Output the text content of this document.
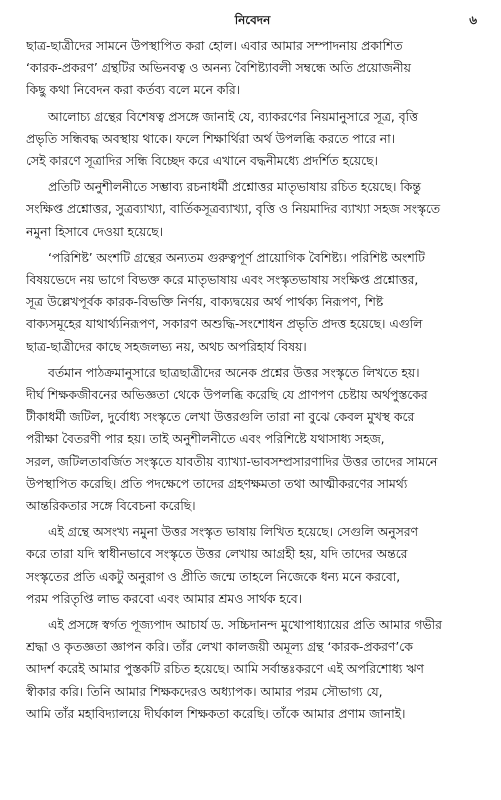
নিবেদন	৬
ছাত্র-ছাত্রীদের সামনে উপস্থাপিত করা হোল। এবার আমার সম্পাদনায় প্রকাশিত
‘কারক-প্রকরণ’ গ্রন্থটির অভিনবত্ব ও অনন্য বৈশিষ্ট্যাবলী সম্বন্ধে অতি প্রয়োজনীয়
কিছু কথা নিবেদন করা কর্তব্য বলে মনে করি।
আলোচ্য গ্রন্থের বিশেষত্ব প্রসঙ্গে জানাই যে, ব্যাকরণের নিয়মানুসারে সূত্র, বৃত্তি
প্রভৃতি সন্ধিবদ্ধ অবস্থায় থাকে। ফলে শিক্ষার্থিরা অর্থ উপলব্ধি করতে পারে না।
সেই কারণে সূত্রাদির সন্ধি বিচ্ছেদ করে এখানে বদ্ধনীমধ্যে প্রদর্শিত হয়েছে।
প্রতিটি অনুশীলনীতে সম্ভাব্য রচনাধর্মী প্রশ্নোত্তর মাতৃভাষায় রচিত হয়েছে। কিন্তু
সংক্ষিপ্ত প্রশ্নোত্তর, সুত্রব্যাখ্যা, বার্তিকসূত্রব্যাখ্যা, বৃত্তি ও নিয়মাদির ব্যাখ্যা সহজ সংস্কৃতে
নমুনা হিসাবে দেওয়া হয়েছে।
‘পরিশিষ্ট’ অংশটি গ্রন্থের অন্যতম গুরুত্বপূর্ণ প্রায়োগিক বৈশিষ্ট্য। পরিশিষ্ট অংশটি
বিষয়ভেদে নয় ভাগে বিভক্ত করে মাতৃভাষায় এবং সংস্কৃতভাষায় সংক্ষিপ্ত প্রশ্নোত্তর,
সূত্র উল্লেখপূর্বক কারক-বিভক্তি নির্ণয়, বাক্যদ্বয়ের অর্থ পার্থক্য নিরূপণ, শিষ্ট
বাক্যসমূহের যাথার্থ্যনিরূপণ, সকারণ অশুদ্ধি-সংশোধন প্রভৃতি প্রদত্ত হয়েছে। এগুলি
ছাত্র-ছাত্রীদের কাছে সহজলভ্য নয়, অথচ অপরিহার্য বিষয়।
বর্তমান পাঠক্রমানুসারে ছাত্রছাত্রীদের অনেক প্রশ্নের উত্তর সংস্কৃতে লিখতে হয়।
দীর্ঘ শিক্ষকজীবনের অভিজ্ঞতা থেকে উপলব্ধি করেছি যে প্রাণপণ চেষ্টায় অর্থপুস্তকের
টীকাধর্মী জটিল, দুর্বোধ্য সংস্কৃতে লেখা উত্তরগুলি তারা না বুঝে কেবল মুখস্থ করে
পরীক্ষা বৈতরণী পার হয়। তাই অনুশীলনীতে এবং পরিশিষ্টে যথাসাধ্য সহজ,
সরল, জটিলতাবর্জিত সংস্কৃতে যাবতীয় ব্যাখ্যা-ভাবসম্প্রসারণাদির উত্তর তাদের সামনে
উপস্থাপিত করেছি। প্রতি পদক্ষেপে তাদের গ্রহণক্ষমতা তথা আত্মীকরণের সামর্থ্য
আন্তরিকতার সঙ্গে বিবেচনা করেছি।
এই গ্রন্থে অসংখ্য নমুনা উত্তর সংস্কৃত ভাষায় লিখিত হয়েছে। সেগুলি অনুসরণ
করে তারা যদি স্বাধীনভাবে সংস্কৃতে উত্তর লেখায় আগ্রহী হয়, যদি তাদের অন্তরে
সংস্কৃতের প্রতি একটু অনুরাগ ও প্রীতি জন্মে তাহলে নিজেকে ধন্য মনে করবো,
পরম পরিতৃপ্তি লাভ করবো এবং আমার শ্রমও সার্থক হবে।
এই প্রসঙ্গে স্বর্গত পূজ্যপাদ আচার্য ড. সচ্চিদানন্দ মুখোপাধ্যায়ের প্রতি আমার গভীর
শ্রদ্ধা ও কৃতজ্ঞতা জ্ঞাপন করি। তাঁর লেখা কালজয়ী অমূল্য গ্রন্থ ‘কারক-প্রকরণ’কে
আদর্শ করেই আমার পুস্তকটি রচিত হয়েছে। আমি সর্বান্তঃকরণে এই অপরিশোধ্য ঋণ
স্বীকার করি। তিনি আমার শিক্ষকদেরও অধ্যাপক। আমার পরম সৌভাগ্য যে,
আমি তাঁর মহাবিদ্যালয়ে দীর্ঘকাল শিক্ষকতা করেছি। তাঁকে আমার প্রণাম জানাই।
